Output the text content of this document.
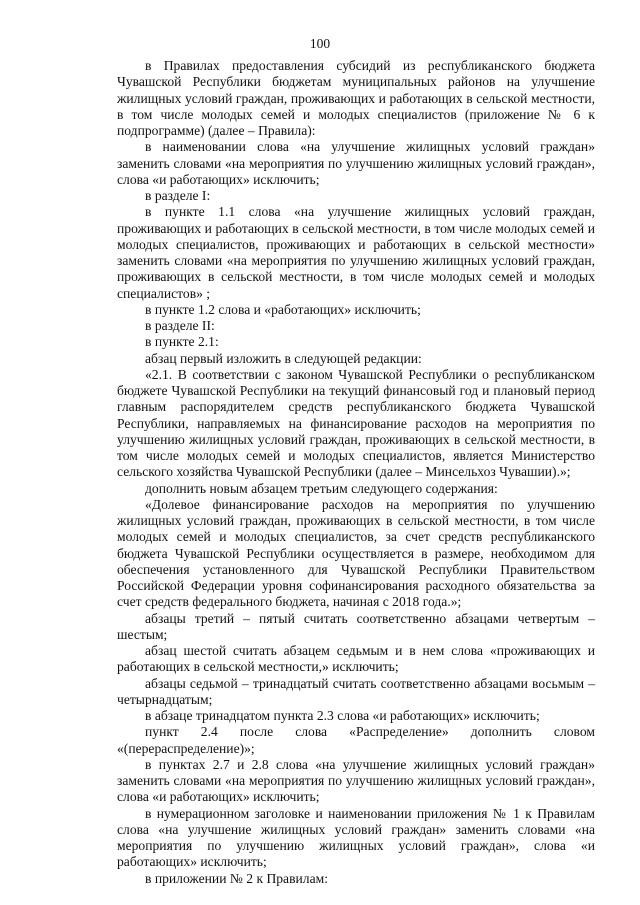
100

в Правилах предоставления субсидий из республиканского бюджета Чувашской Республики бюджетам муниципальных районов на улучшение жилищных условий граждан, проживающих и работающих в сельской местности, в том числе молодых семей и молодых специалистов (приложение № 6 к подпрограмме) (далее – Правила):

в наименовании слова «на улучшение жилищных условий граждан» заменить словами «на мероприятия по улучшению жилищных условий граждан», слова «и работающих» исключить;

в разделе I:

в пункте 1.1 слова «на улучшение жилищных условий граждан, проживающих и работающих в сельской местности, в том числе молодых семей и молодых специалистов, проживающих и работающих в сельской местности» заменить словами «на мероприятия по улучшению жилищных условий граждан, проживающих в сельской местности, в том числе молодых семей и молодых специалистов» ;

в пункте 1.2 слова и «работающих» исключить;

в разделе II:

в пункте 2.1:

абзац первый изложить в следующей редакции:

«2.1. В соответствии с законом Чувашской Республики о республиканском бюджете Чувашской Республики на текущий финансовый год и плановый период главным распорядителем средств республиканского бюджета Чувашской Республики, направляемых на финансирование расходов на мероприятия по улучшению жилищных условий граждан, проживающих в сельской местности, в том числе молодых семей и молодых специалистов, является Министерство сельского хозяйства Чувашской Республики (далее – Минсельхоз Чувашии).»;

дополнить новым абзацем третьим следующего содержания:

«Долевое финансирование расходов на мероприятия по улучшению жилищных условий граждан, проживающих в сельской местности, в том числе молодых семей и молодых специалистов, за счет средств республиканского бюджета Чувашской Республики осуществляется в размере, необходимом для обеспечения установленного для Чувашской Республики Правительством Российской Федерации уровня софинансирования расходного обязательства за счет средств федерального бюджета, начиная с 2018 года.»;

абзацы третий – пятый считать соответственно абзацами четвертым – шестым;

абзац шестой считать абзацем седьмым и в нем слова «проживающих и работающих в сельской местности,» исключить;

абзацы седьмой – тринадцатый считать соответственно абзацами восьмым – четырнадцатым;

в абзаце тринадцатом пункта 2.3 слова «и работающих» исключить;

пункт 2.4 после слова «Распределение» дополнить словом «(перераспределение)»;

в пунктах 2.7 и 2.8 слова «на улучшение жилищных условий граждан» заменить словами «на мероприятия по улучшению жилищных условий граждан», слова «и работающих» исключить;

в нумерационном заголовке и наименовании приложения № 1 к Правилам слова «на улучшение жилищных условий граждан» заменить словами «на мероприятия по улучшению жилищных условий граждан», слова «и работающих» исключить;

в приложении № 2 к Правилам:
